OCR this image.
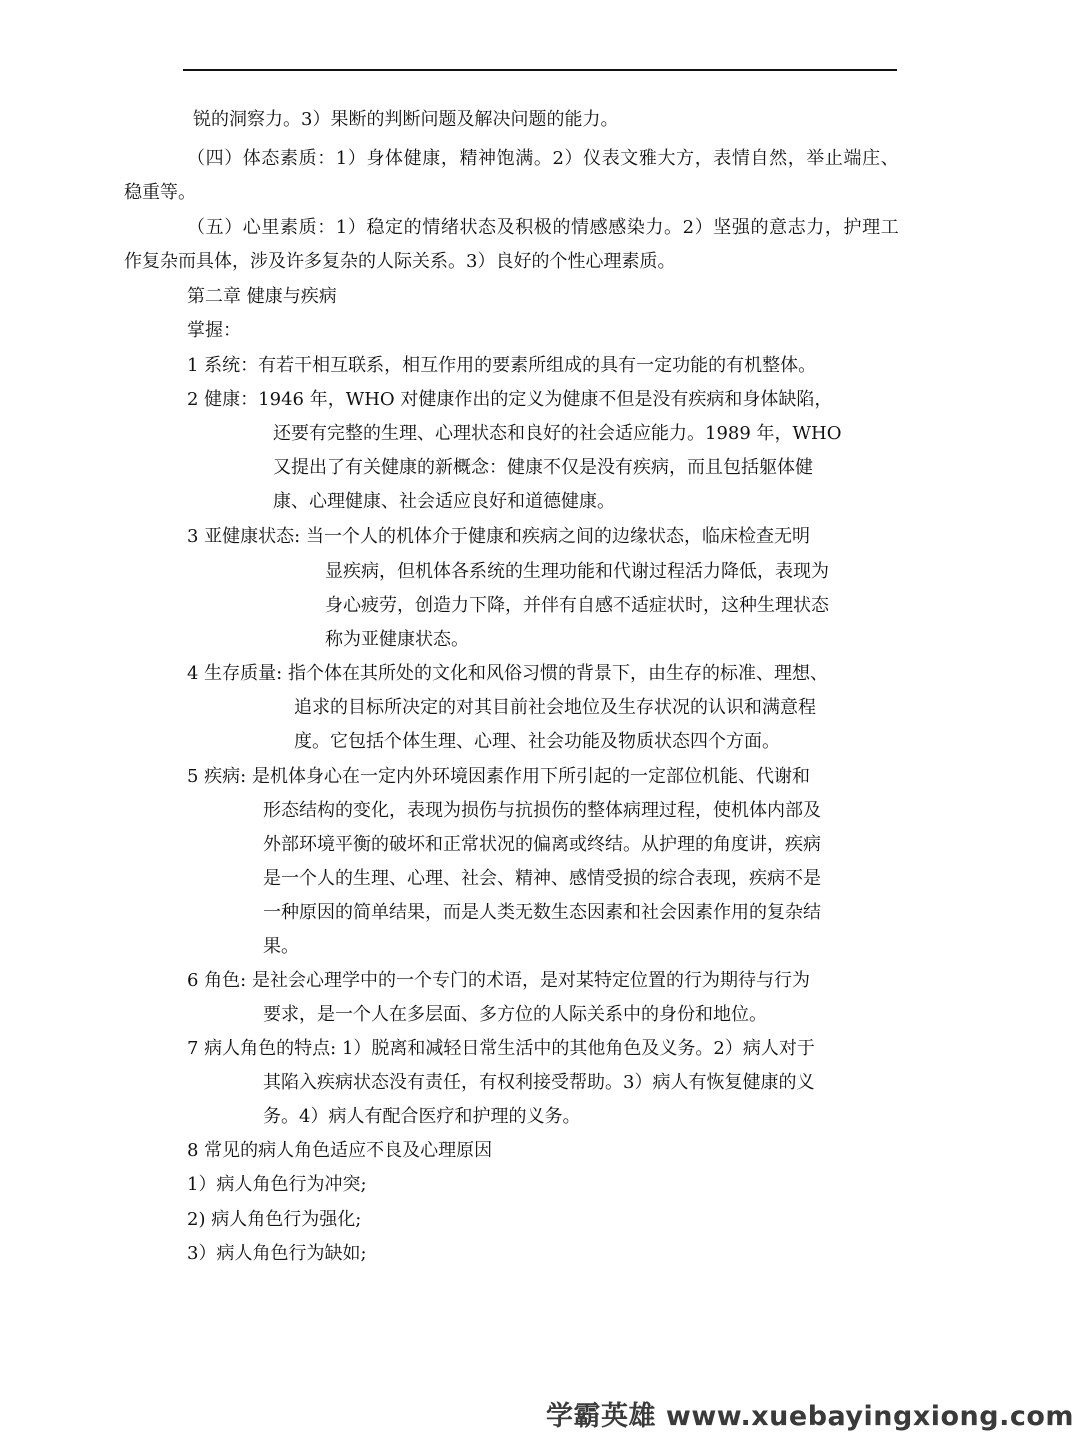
锐的洞察力。3）果断的判断问题及解决问题的能力。
（四）体态素质：1）身体健康，精神饱满。2）仪表文雅大方，表情自然，举止端庄、
稳重等。
（五）心里素质：1）稳定的情绪状态及积极的情感感染力。2）坚强的意志力，护理工
作复杂而具体，涉及许多复杂的人际关系。3）良好的个性心理素质。
第二章 健康与疾病
掌握：
1 系统：有若干相互联系，相互作用的要素所组成的具有一定功能的有机整体。
2 健康：1946 年，WHO 对健康作出的定义为健康不但是没有疾病和身体缺陷，
还要有完整的生理、心理状态和良好的社会适应能力。1989 年，WHO
又提出了有关健康的新概念：健康不仅是没有疾病，而且包括躯体健
康、心理健康、社会适应良好和道德健康。
3 亚健康状态: 当一个人的机体介于健康和疾病之间的边缘状态，临床检查无明
显疾病，但机体各系统的生理功能和代谢过程活力降低，表现为
身心疲劳，创造力下降，并伴有自感不适症状时，这种生理状态
称为亚健康状态。
4 生存质量: 指个体在其所处的文化和风俗习惯的背景下，由生存的标准、理想、
追求的目标所决定的对其目前社会地位及生存状况的认识和满意程
度。它包括个体生理、心理、社会功能及物质状态四个方面。
5 疾病: 是机体身心在一定内外环境因素作用下所引起的一定部位机能、代谢和
形态结构的变化，表现为损伤与抗损伤的整体病理过程，使机体内部及
外部环境平衡的破坏和正常状况的偏离或终结。从护理的角度讲，疾病
是一个人的生理、心理、社会、精神、感情受损的综合表现，疾病不是
一种原因的简单结果，而是人类无数生态因素和社会因素作用的复杂结
果。
6 角色: 是社会心理学中的一个专门的术语，是对某特定位置的行为期待与行为
要求，是一个人在多层面、多方位的人际关系中的身份和地位。
7 病人角色的特点: 1）脱离和减轻日常生活中的其他角色及义务。2）病人对于
其陷入疾病状态没有责任，有权利接受帮助。3）病人有恢复健康的义
务。4）病人有配合医疗和护理的义务。
8 常见的病人角色适应不良及心理原因
1）病人角色行为冲突;
2) 病人角色行为强化;
3）病人角色行为缺如;
学霸英雄 www.xuebayingxiong.com
